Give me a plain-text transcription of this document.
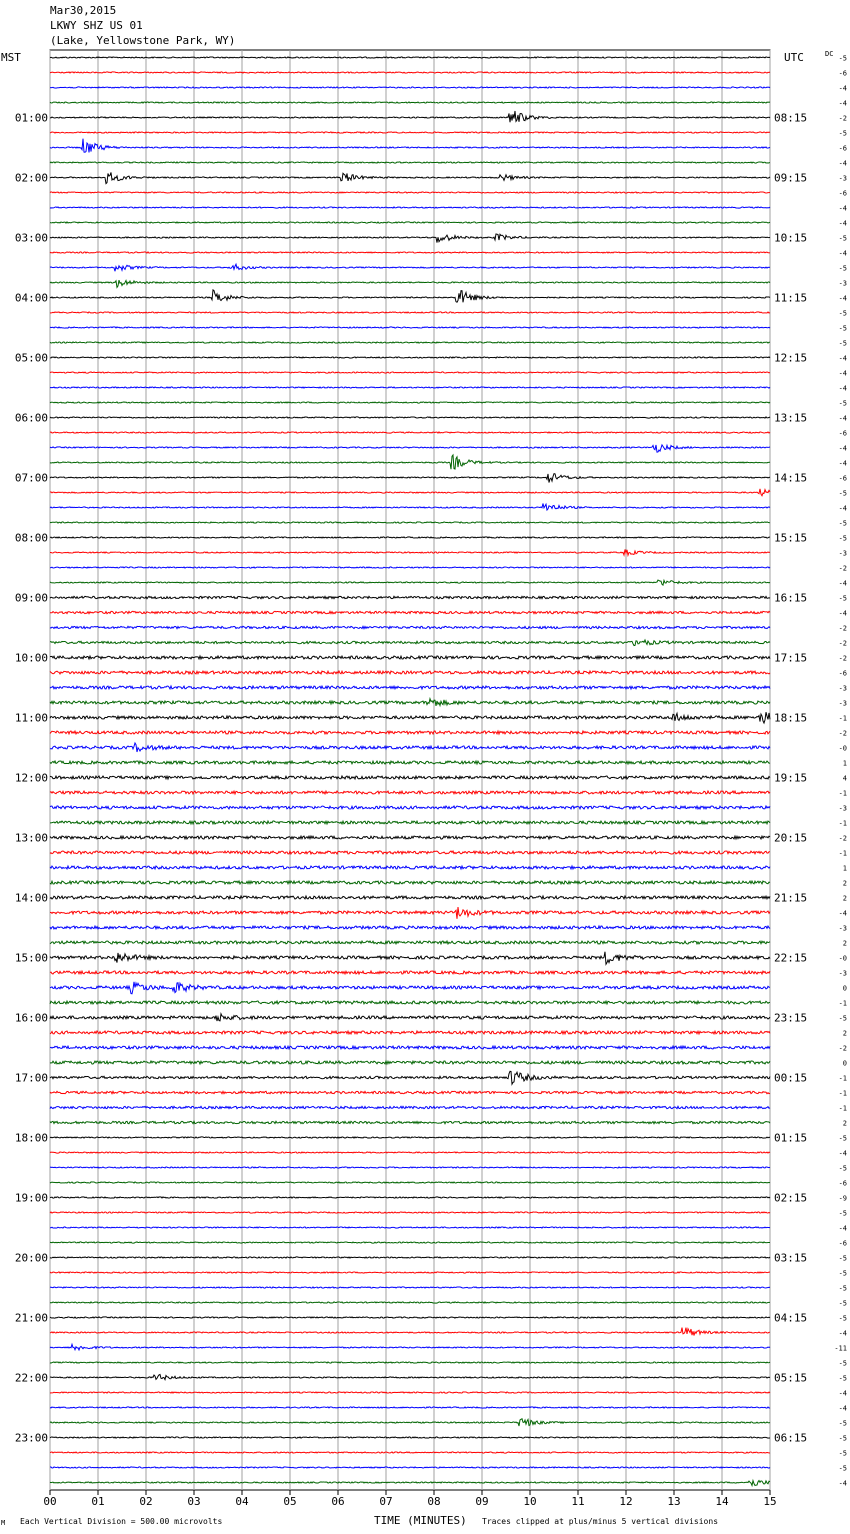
Mar30,2015
LKWY SHZ US 01
(Lake, Yellowstone Park, WY)
00	01	02	03	04	05	06	07	08	09	10	11	12	13	14	15
-5
-6
-4
-4
-2
01:00	08:15
-5
-6
-4
-3
02:00	09:15
-6
-4
-4
-5
03:00	10:15
-4
-5
-3
-4
04:00	11:15
-5
-5
-5
-4
05:00	12:15
-4
-4
-5
-4
06:00	13:15
-6
-4
-4
-6
07:00	14:15
-5
-4
-5
-5
08:00	15:15
-3
-2
-4
-5
09:00	16:15
-4
-2
-2
-2
10:00	17:15
-6
-3
-3
-1
11:00	18:15
-2
-0
1
4
12:00	19:15
-1
-3
-1
-2
13:00	20:15
-1
1
2
2
14:00	21:15
-4
-3
2
-0
15:00	22:15
-3
0
-1
-5
16:00	23:15
2
-2
0
-1
17:00	00:15
-1
-1
2
-5
18:00	01:15
-4
-5
-6
-9
19:00	02:15
-5
-4
-6
-5
20:00	03:15
-5
-5
-5
-5
21:00	04:15
-4
-11
-5
-5
22:00	05:15
-4
-4
-5
-5
23:00	06:15
-5
-5
-4
MST	UTC	DC
M Each Vertical Division = 500.00 microvolts	TIME (MINUTES) Traces clipped at plus/minus 5 vertical divisions
